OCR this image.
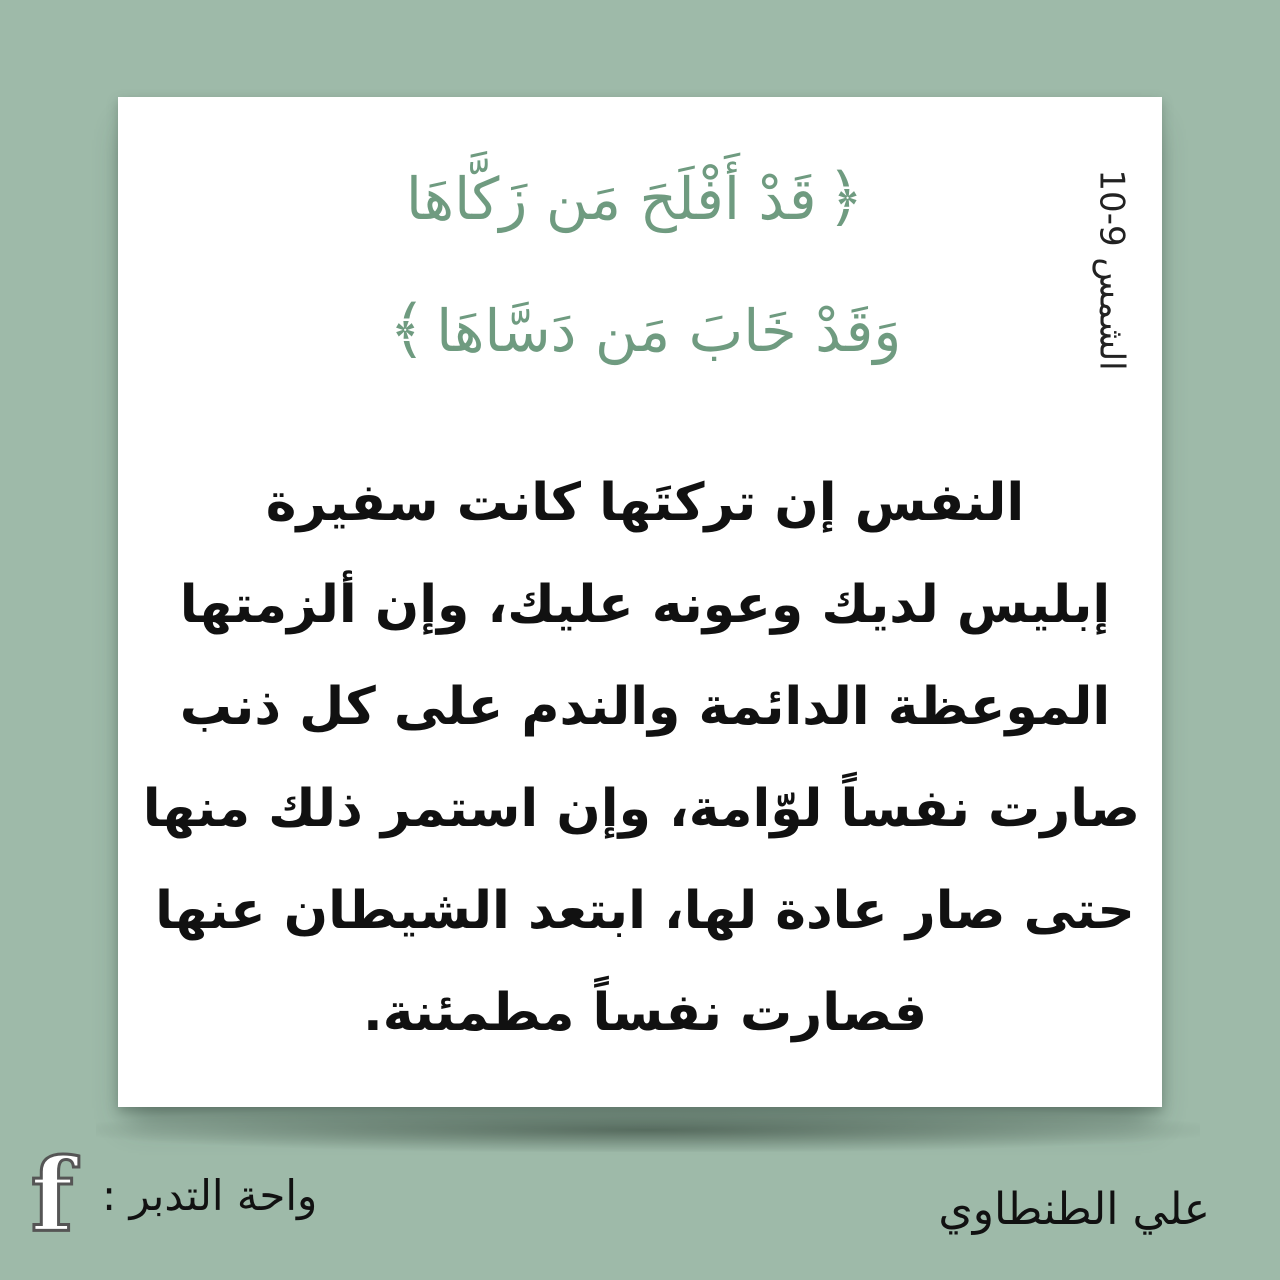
الشمس 9-10
﴿قَدْ أَفْلَحَ مَن زَكَّاهَا
وَقَدْ خَابَ مَن دَسَّاهَا﴾
النفس إن تركتَها كانت سفيرة
إبليس لديك وعونه عليك، وإن ألزمتها
الموعظة الدائمة والندم على كل ذنب
صارت نفساً لوّامة، وإن استمر ذلك منها
حتى صار عادة لها، ابتعد الشيطان عنها
فصارت نفساً مطمئنة.
علي الطنطاوي
f واحة التدبر :
